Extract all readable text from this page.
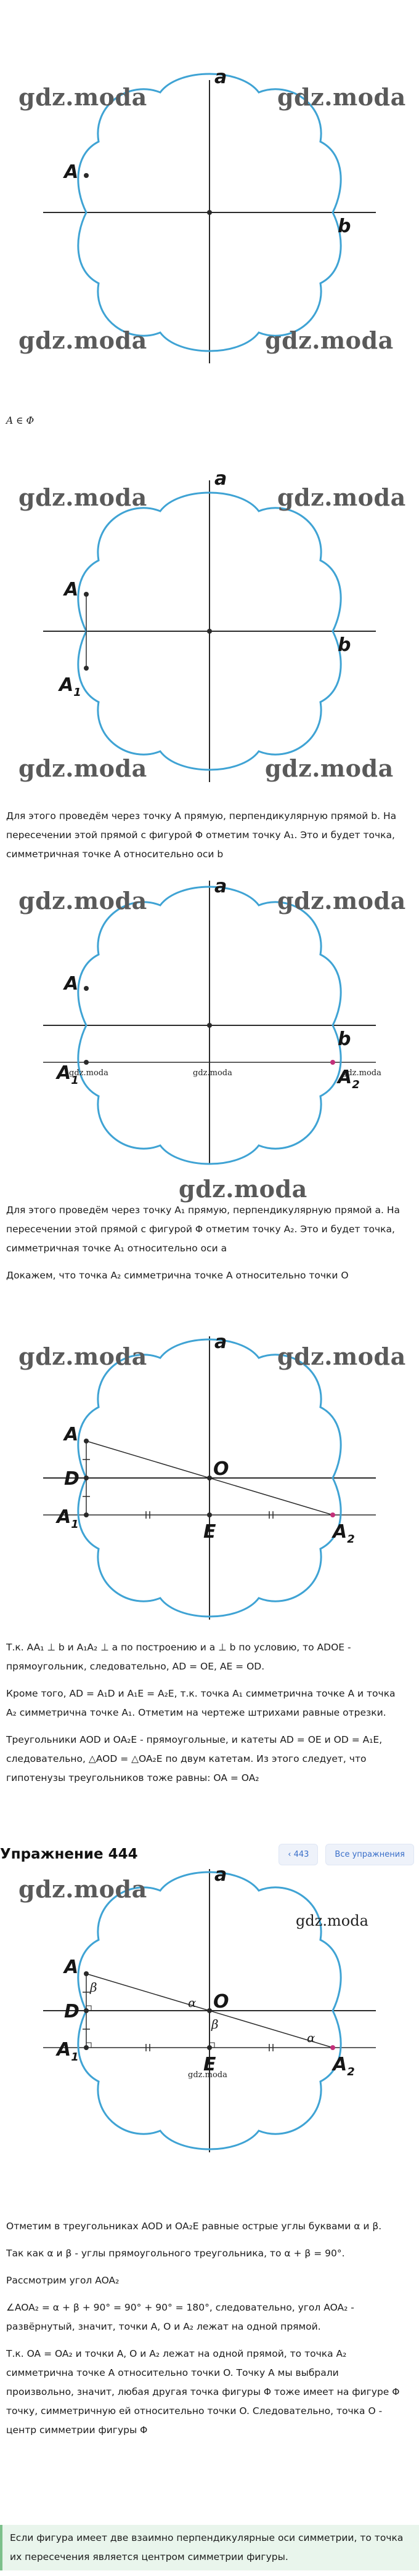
gdz.moda	gdz.moda
gdz.moda	gdz.moda
a
b
A

A ∈ Φ

gdz.moda	gdz.moda
gdz.moda	gdz.moda
a
b
A
$A_1$

Для этого проведём через точку A прямую, перпендикулярную прямой b. На пересечении этой прямой с фигурой Φ отметим точку A₁. Это и будет точка, симметричная точке A относительно оси b

gdz.moda	gdz.moda
gdz.moda	gdz.moda	gdz.moda
a
b
A
$A_1$	$A_2$
gdz.moda

Для этого проведём через точку A₁ прямую, перпендикулярную прямой a. На пересечении этой прямой с фигурой Φ отметим точку A₂. Это и будет точка, симметричная точке A₁ относительно оси a

Докажем, что точка A₂ симметрична точке A относительно точки O

gdz.moda	gdz.moda
a
A
D	O
$A_1$	E	$A_2$

Т.к. AA₁ ⊥ b и A₁A₂ ⊥ a по построению и a ⊥ b по условию, то ADOE - прямоугольник, следовательно, AD = OE, AE = OD.

Кроме того, AD = A₁D и A₁E = A₂E, т.к. точка A₁ симметрична точке A и точка A₂ симметрична точке A₁. Отметим на чертеже штрихами равные отрезки.

Треугольники AOD и OA₂E - прямоугольные, и катеты AD = OE и OD = A₁E, следовательно, △AOD = △OA₂E по двум катетам. Из этого следует, что гипотенузы треугольников тоже равны: OA = OA₂

Упражнение 444	‹ 443	Все упражнения
gdz.moda
gdz.moda
gdz.moda
a
A
D	O
$A_1$	E	$A_2$
β
α
β
α

Отметим в треугольниках AOD и OA₂E равные острые углы буквами α и β.

Так как α и β - углы прямоугольного треугольника, то α + β = 90°.

Рассмотрим угол AOA₂

∠AOA₂ = α + β + 90° = 90° + 90° = 180°, следовательно, угол AOA₂ - развёрнутый, значит, точки A, O и A₂ лежат на одной прямой.

Т.к. OA = OA₂ и точки A, O и A₂ лежат на одной прямой, то точка A₂ симметрична точке A относительно точки O. Точку A мы выбрали произвольно, значит, любая другая точка фигуры Φ тоже имеет на фигуре Φ точку, симметричную ей относительно точки O. Следовательно, точка O - центр симметрии фигуры Φ

Если фигура имеет две взаимно перпендикулярные оси симметрии, то точка их пересечения является центром симметрии фигуры.
